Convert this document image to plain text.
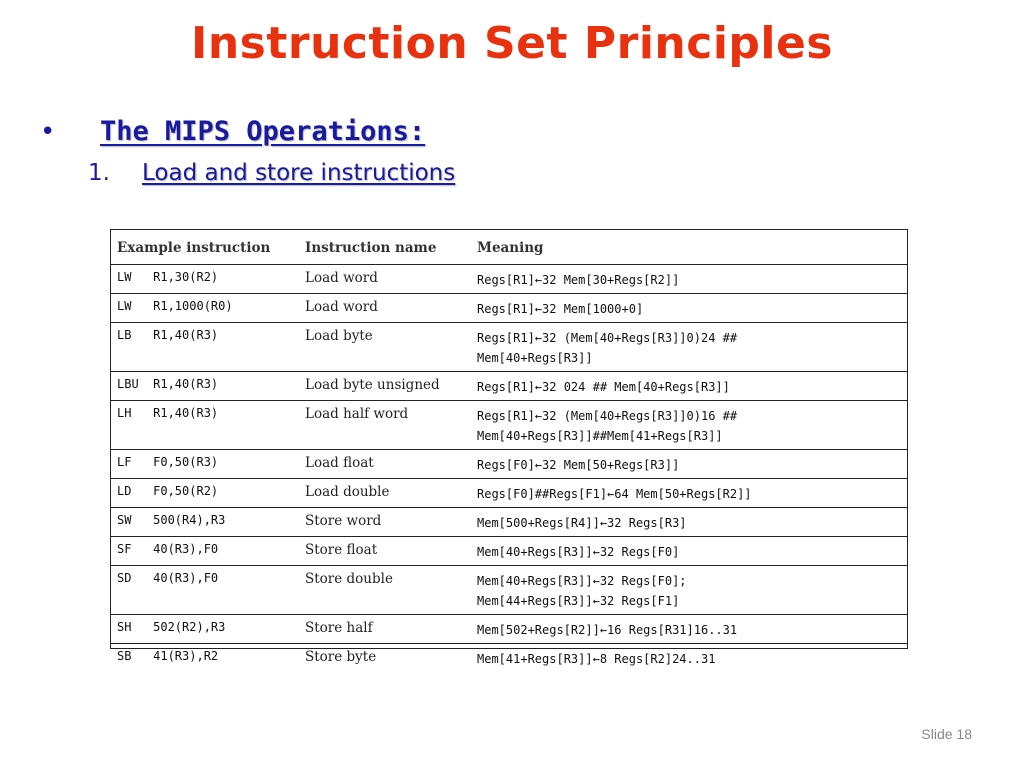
Instruction Set Principles
•	The MIPS Operations:
1.	Load and store instructions
Example instruction	Instruction name	Meaning
LW   R1,30(R2)	Load word	Regs[R1]←32 Mem[30+Regs[R2]]

LW   R1,1000(R0)	Load word	Regs[R1]←32 Mem[1000+0]

LB   R1,40(R3)	Load byte	Regs[R1]←32 (Mem[40+Regs[R3]]0)24 ##
Mem[40+Regs[R3]]

LBU  R1,40(R3)	Load byte unsigned	Regs[R1]←32 024 ## Mem[40+Regs[R3]]

LH   R1,40(R3)	Load half word	Regs[R1]←32 (Mem[40+Regs[R3]]0)16 ##
Mem[40+Regs[R3]]##Mem[41+Regs[R3]]

LF   F0,50(R3)	Load float	Regs[F0]←32 Mem[50+Regs[R3]]

LD   F0,50(R2)	Load double	Regs[F0]##Regs[F1]←64 Mem[50+Regs[R2]]

SW   500(R4),R3	Store word	Mem[500+Regs[R4]]←32 Regs[R3]

SF   40(R3),F0	Store float	Mem[40+Regs[R3]]←32 Regs[F0]

SD   40(R3),F0	Store double	Mem[40+Regs[R3]]←32 Regs[F0];
Mem[44+Regs[R3]]←32 Regs[F1]

SH   502(R2),R3	Store half	Mem[502+Regs[R2]]←16 Regs[R31]16..31

SB   41(R3),R2	Store byte	Mem[41+Regs[R3]]←8 Regs[R2]24..31
Slide 18
